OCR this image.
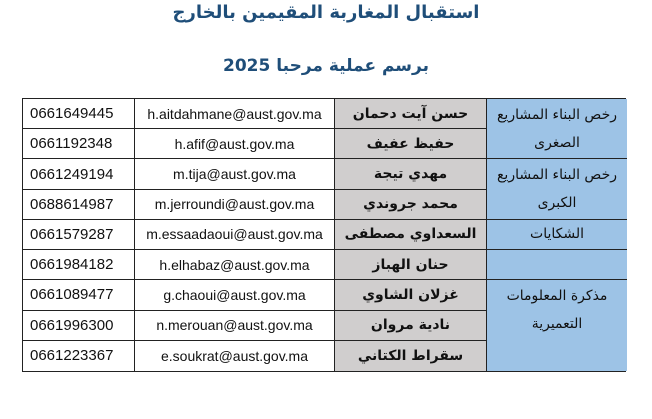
استقبال المغاربة المقيمين بالخارج
برسم عملية مرحبا 2025
0661649445	h.aitdahmane@aust.gov.ma	حسن آيت دحمان	رخص البناء المشاريع الصغرى
0661192348	h.afif@aust.gov.ma	حفيظ عفيف
0661249194	m.tija@aust.gov.ma	مهدي تيجة	رخص البناء المشاريع الكبرى
0688614987	m.jerroundi@aust.gov.ma	محمد جروندي
0661579287	m.essaadaoui@aust.gov.ma	السعداوي مصطفى	الشكايات
0661984182	h.elhabaz@aust.gov.ma	حنان الهباز
0661089477	g.chaoui@aust.gov.ma	غزلان الشاوي	مذكرة المعلومات التعميرية
0661996300	n.merouan@aust.gov.ma	نادية مروان
0661223367	e.soukrat@aust.gov.ma	سقراط الكتاني
